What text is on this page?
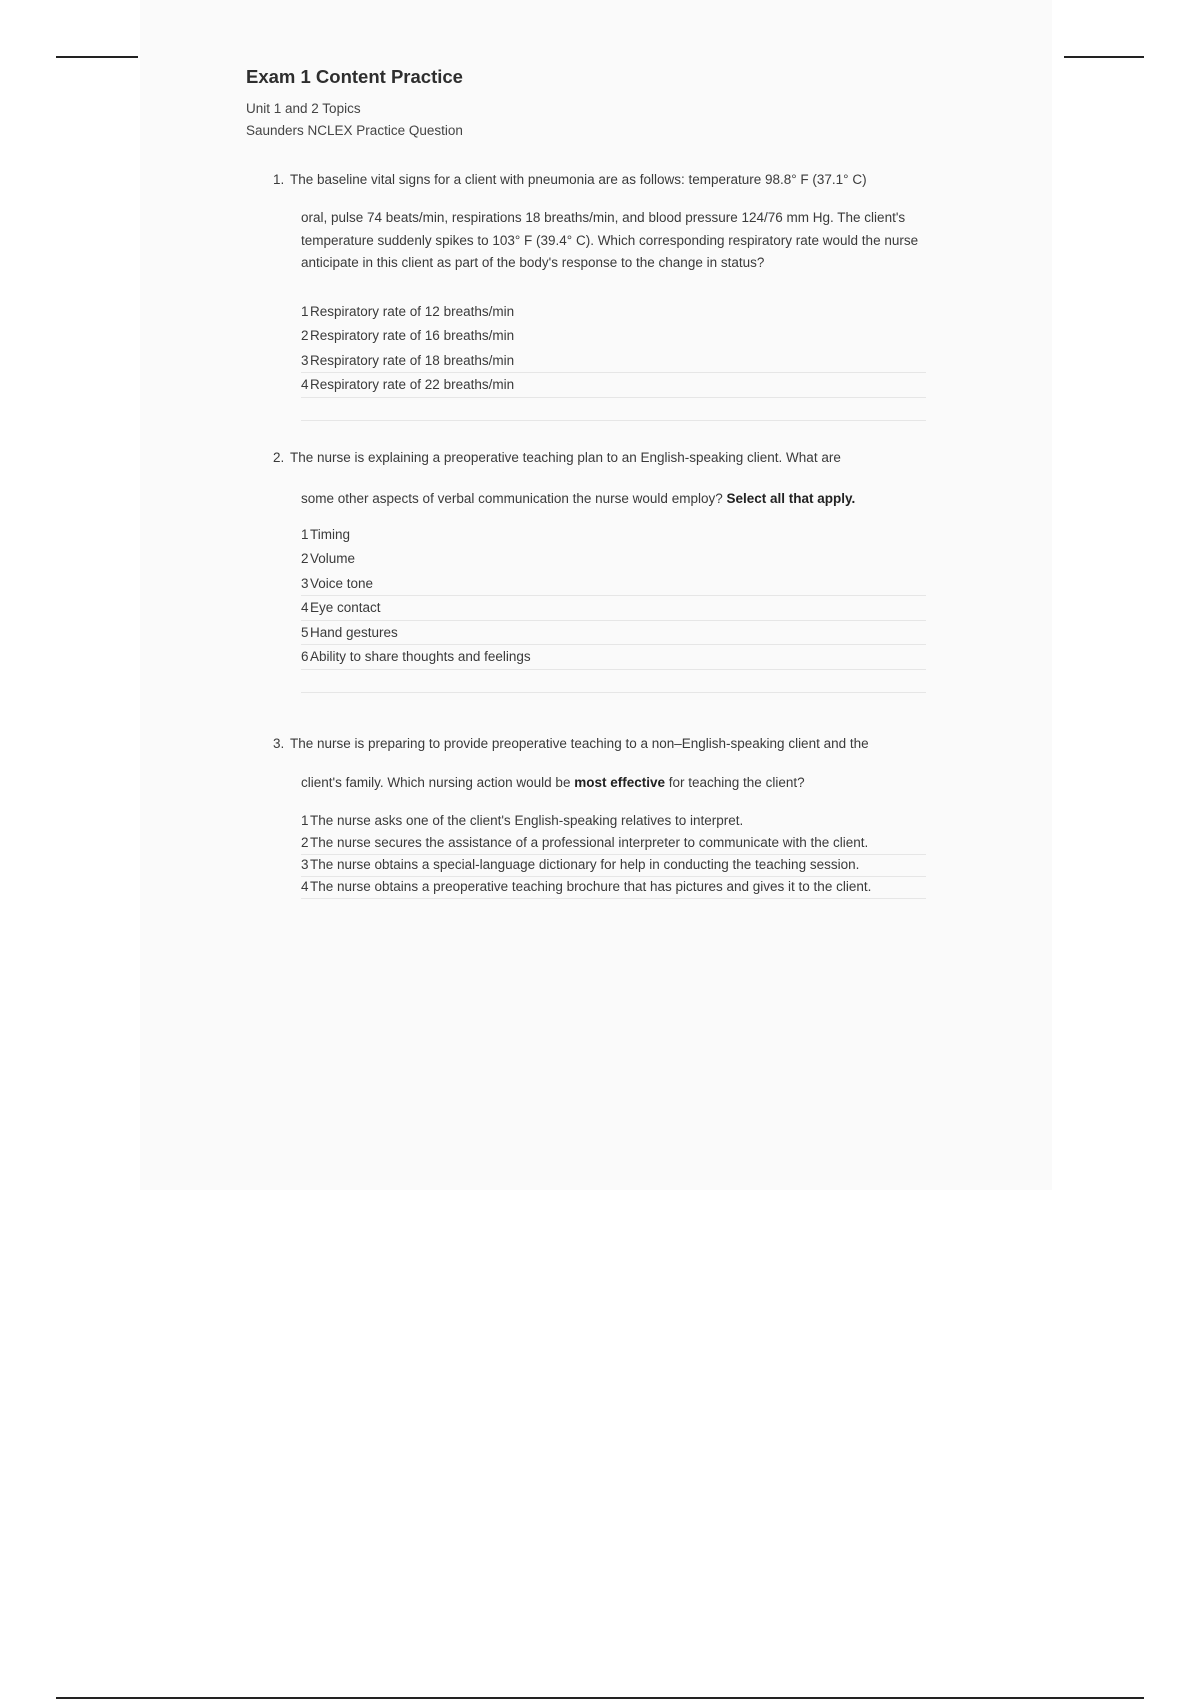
Exam 1 Content Practice
Unit 1 and 2 Topics
Saunders NCLEX Practice Question
1. The baseline vital signs for a client with pneumonia are as follows: temperature 98.8° F (37.1° C)
oral, pulse 74 beats/min, respirations 18 breaths/min, and blood pressure 124/76 mm Hg. The client's temperature suddenly spikes to 103° F (39.4° C). Which corresponding respiratory rate would the nurse anticipate in this client as part of the body's response to the change in status?
1 Respiratory rate of 12 breaths/min
2 Respiratory rate of 16 breaths/min
3 Respiratory rate of 18 breaths/min
4 Respiratory rate of 22 breaths/min
2. The nurse is explaining a preoperative teaching plan to an English-speaking client. What are
some other aspects of verbal communication the nurse would employ? Select all that apply.
1 Timing
2 Volume
3 Voice tone
4 Eye contact
5 Hand gestures
6 Ability to share thoughts and feelings
3. The nurse is preparing to provide preoperative teaching to a non–English-speaking client and the
client's family. Which nursing action would be most effective for teaching the client?
1 The nurse asks one of the client's English-speaking relatives to interpret.
2 The nurse secures the assistance of a professional interpreter to communicate with the client.
3 The nurse obtains a special-language dictionary for help in conducting the teaching session.
4 The nurse obtains a preoperative teaching brochure that has pictures and gives it to the client.
